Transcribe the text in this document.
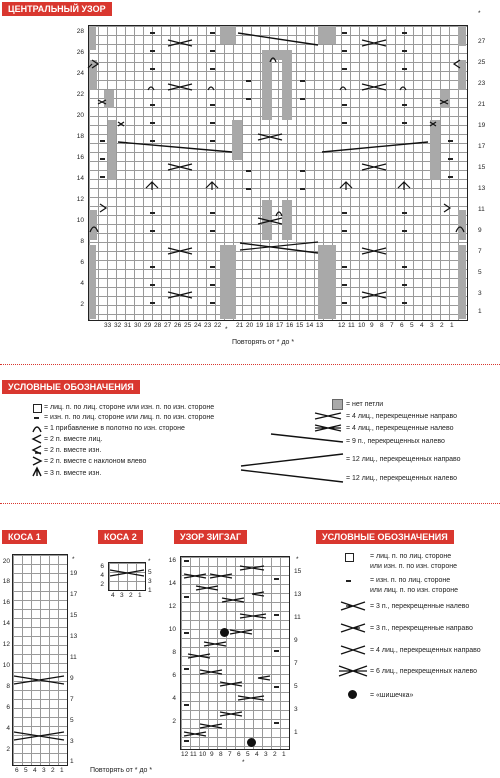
ЦЕНТРАЛЬНЫЙ УЗОР
28
26
24
22
20
18
16
14
12
10
8
6
4
2
27
25
23
21
19
17
15
13
11
9
7
5
3
1
*
*
33 32 31 30 29 28 27 26 25 24 23 22 21 20 19 18 17 16 15 14 13 12 11 10 9 8 7 6 5 4 3 2 1
Повторять от * до *
УСЛОВНЫЕ ОБОЗНАЧЕНИЯ
= лиц. п. по лиц. стороне или изн. п. по изн. стороне
= изн. п. по лиц. стороне или лиц. п. по изн. стороне
= 1 прибавление в полотно по изн. стороне
= 2 п. вместе лиц.
= 2 п. вместе изн.
= 2 п. вместе с наклоном влево
= 3 п. вместе изн.
= нет петли
= 4 лиц., перекрещенные направо
= 4 лиц., перекрещенные налево
= 9 п., перекрещенных налево
= 12 лиц., перекрещенных направо
= 12 лиц., перекрещенных налево
КОСА 1
20
18
16
14
12
10
8
6
4
2
19
17
15
13
11
9
7
5
3
1
*
6 5 4 3 2 1
КОСА 2
6
4
2
5
3
1
*
4 3 2 1
УЗОР ЗИГЗАГ
16
14
12
10
8
6
4
2
15
13
11
9
7
5
3
1
*
12 11 10 9 8 7 6 5 4 3 2 1
*
Повторять от * до *
УСЛОВНЫЕ ОБОЗНАЧЕНИЯ
= лиц. п. по лиц. стороне
или изн. п. по изн. стороне
= изн. п. по лиц. стороне
или лиц. п. по изн. стороне
= 3 п., перекрещенные налево
= 3 п., перекрещенные направо
= 4 лиц., перекрещенных направо
= 6 лиц., перекрещенных налево
= «шишечка»
